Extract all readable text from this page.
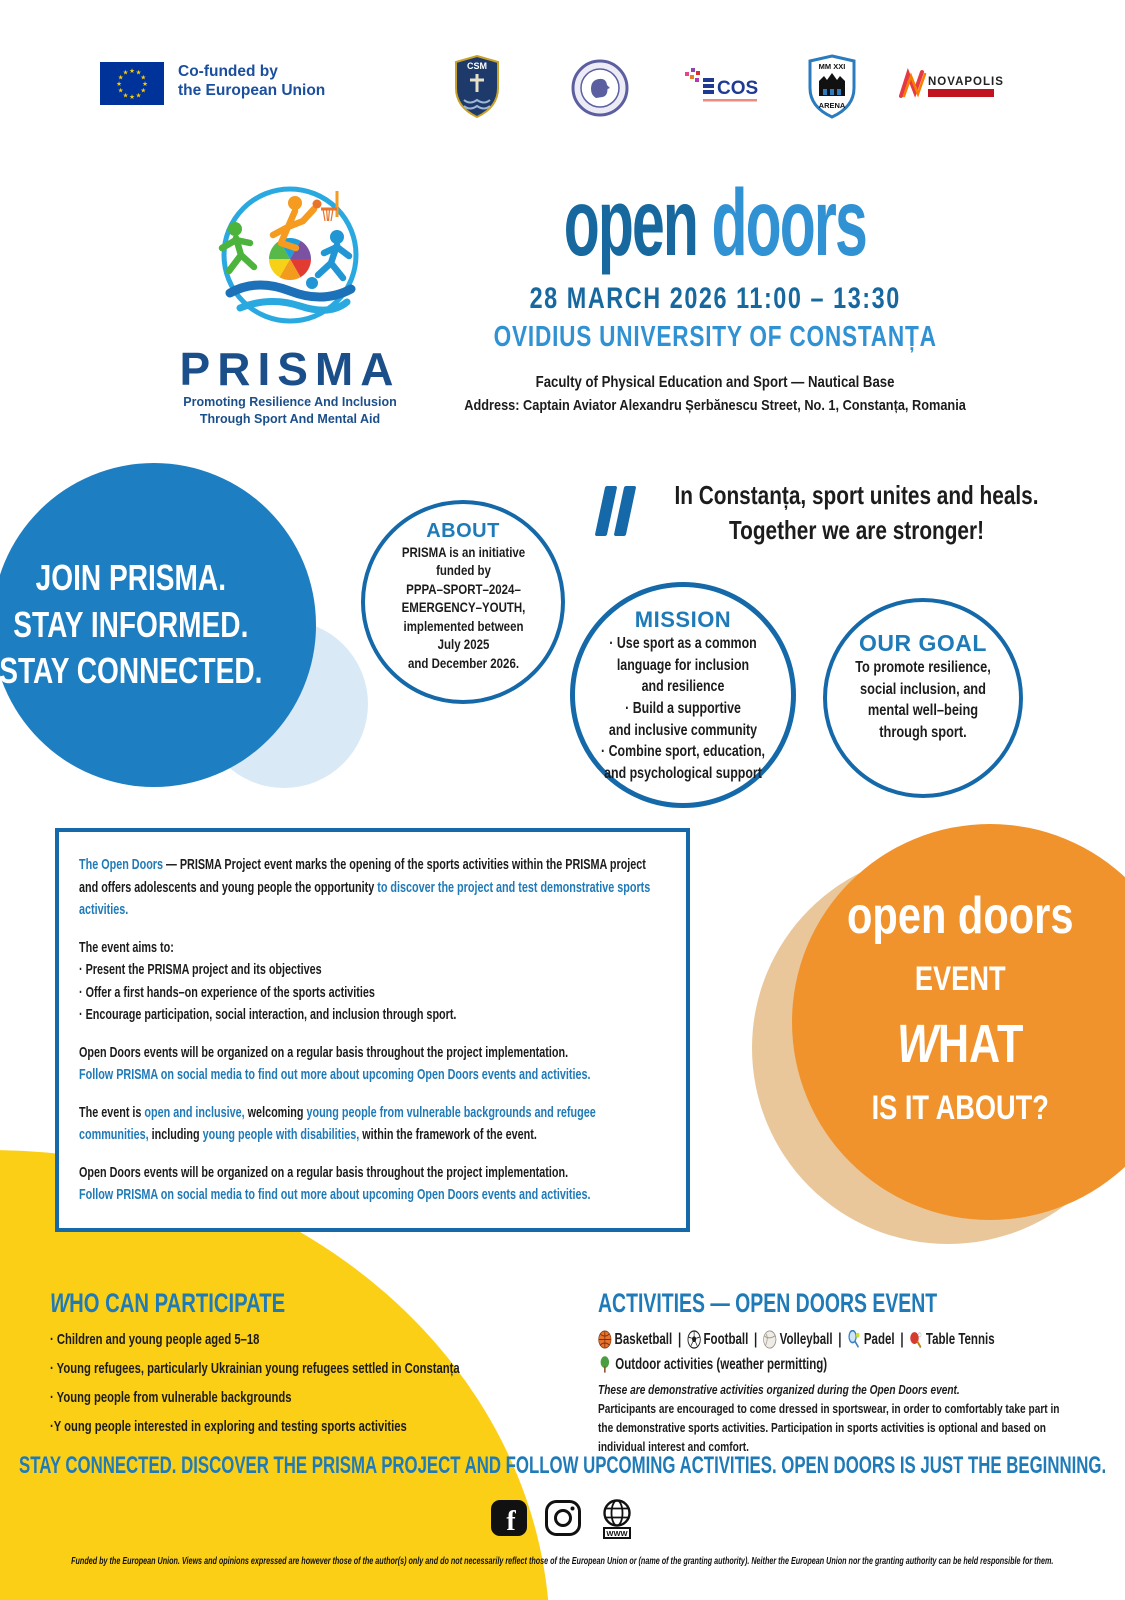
★ ★
★
★
★
★
★
★
★
★
★
★	Co-funded by
the European Union
CSM
COS
MM XXI
ARENA
NOVAPOLIS
PRISMA
Promoting Resilience And Inclusion
Through Sport And Mental Aid
open doors
28 MARCH 2026 11:00 – 13:30
OVIDIUS UNIVERSITY OF CONSTANȚA
Faculty of Physical Education and Sport — Nautical Base
Address: Captain Aviator Alexandru Șerbănescu Street, No. 1, Constanța, Romania
JOIN PRISMA.
STAY INFORMED.
STAY CONNECTED.
ABOUT
PRISMA is an initiative
funded by
PPPA–SPORT–2024–
EMERGENCY–YOUTH,
implemented between
July 2025
and December 2026.
In Constanța, sport unites and heals.
Together we are stronger!
MISSION
· Use sport as a common
language for inclusion
and resilience
· Build a supportive
and inclusive community
· Combine sport, education,
and psychological support
OUR GOAL
To promote resilience,
social inclusion, and
mental well–being
through sport.

The Open Doors — PRISMA Project event marks the opening of the sports activities within the PRISMA project and offers adolescents and young people the opportunity to discover the project and test demonstrative sports activities.

The event aims to:
· Present the PRISMA project and its objectives
· Offer a first hands–on experience of the sports activities
· Encourage participation, social interaction, and inclusion through sport.

Open Doors events will be organized on a regular basis throughout the project implementation.
Follow PRISMA on social media to find out more about upcoming Open Doors events and activities.

The event is open and inclusive, welcoming young people from vulnerable backgrounds and refugee communities, including young people with disabilities, within the framework of the event.

Open Doors events will be organized on a regular basis throughout the project implementation.
Follow PRISMA on social media to find out more about upcoming Open Doors events and activities.

open doors
EVENT
WHAT
IS IT ABOUT?
WHO CAN PARTICIPATE
· Children and young people aged 5–18
· Young refugees, particularly Ukrainian young refugees settled in Constanța
· Young people from vulnerable backgrounds
·Y oung people interested in exploring and testing sports activities
ACTIVITIES — OPEN DOORS EVENT
Basketball | Football | Volleyball | Padel | Table Tennis
Outdoor activities (weather permitting)
These are demonstrative activities organized during the Open Doors event.
Participants are encouraged to come dressed in sportswear, in order to comfortably take part in the demonstrative sports activities. Participation in sports activities is optional and based on individual interest and comfort.
STAY CONNECTED. DISCOVER THE PRISMA PROJECT AND FOLLOW UPCOMING ACTIVITIES. OPEN DOORS IS JUST THE BEGINNING.
f	WWW
Funded by the European Union. Views and opinions expressed are however those of the author(s) only and do not necessarily reflect those of the European Union or (name of the granting authority). Neither the European Union nor the granting authority can be held responsible for them.
